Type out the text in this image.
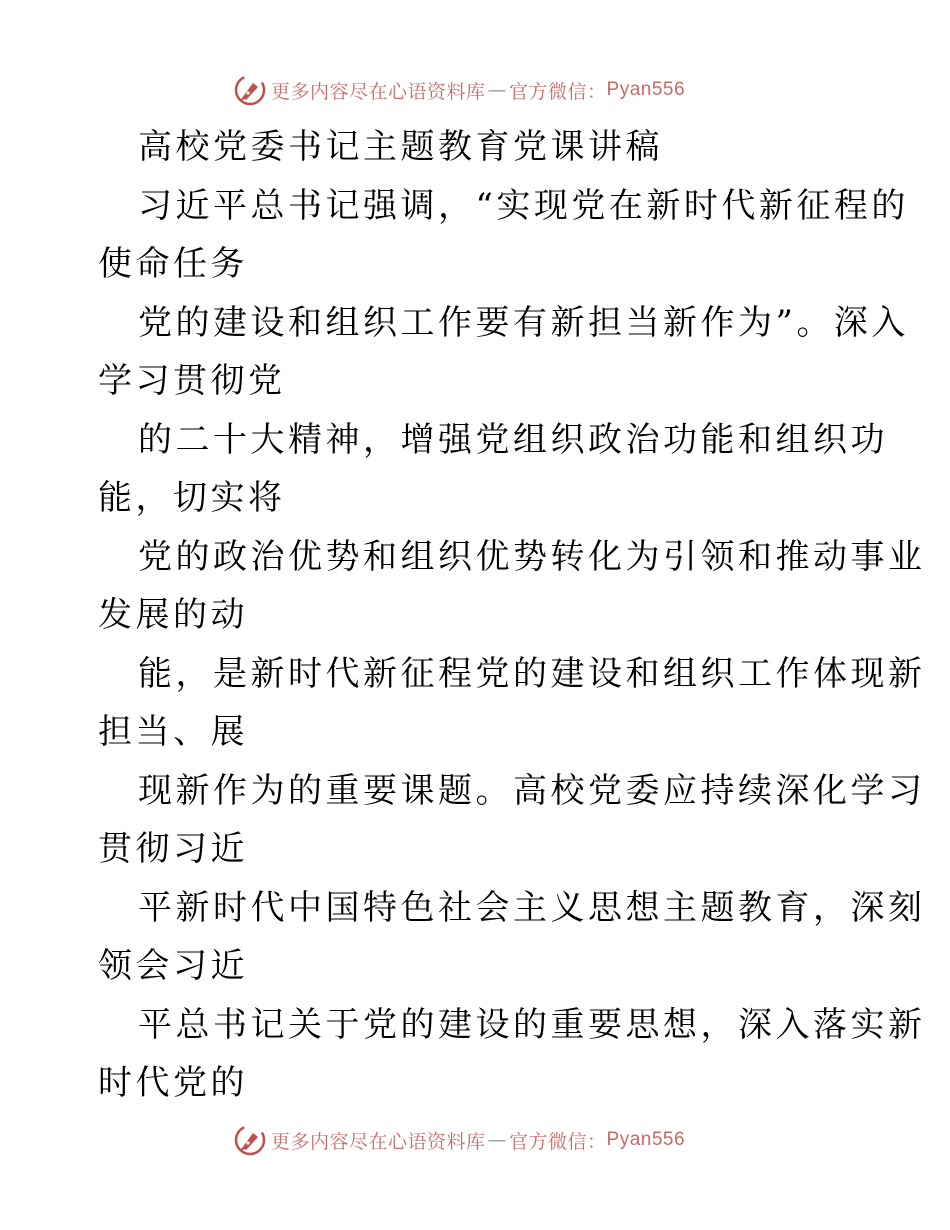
更多内容尽在心语资料库 — 官方微信： Pyan556
高校党委书记主题教育党课讲稿
习近平总书记强调，“实现党在新时代新征程的
使命任务
党的建设和组织工作要有新担当新作为”。深入
学习贯彻党
的二十大精神，增强党组织政治功能和组织功
能，切实将
党的政治优势和组织优势转化为引领和推动事业
发展的动
能，是新时代新征程党的建设和组织工作体现新
担当、展
现新作为的重要课题。高校党委应持续深化学习
贯彻习近
平新时代中国特色社会主义思想主题教育，深刻
领会习近
平总书记关于党的建设的重要思想，深入落实新
时代党的
更多内容尽在心语资料库 — 官方微信： Pyan556
